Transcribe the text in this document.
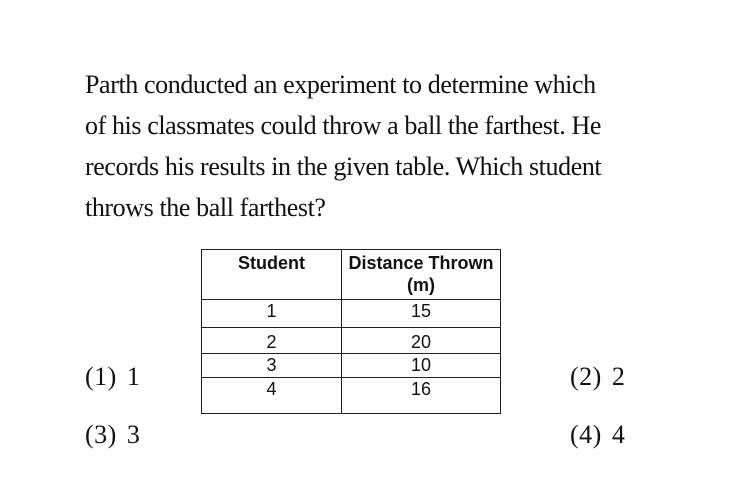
Parth conducted an experiment to determine which
of his classmates could throw a ball the farthest. He
records his results in the given table. Which student
throws the ball farthest?
Student	Distance Thrown (m)
1	15
2	20
3	10
4	16
(1) 1	(2) 2
(3) 3	(4) 4
